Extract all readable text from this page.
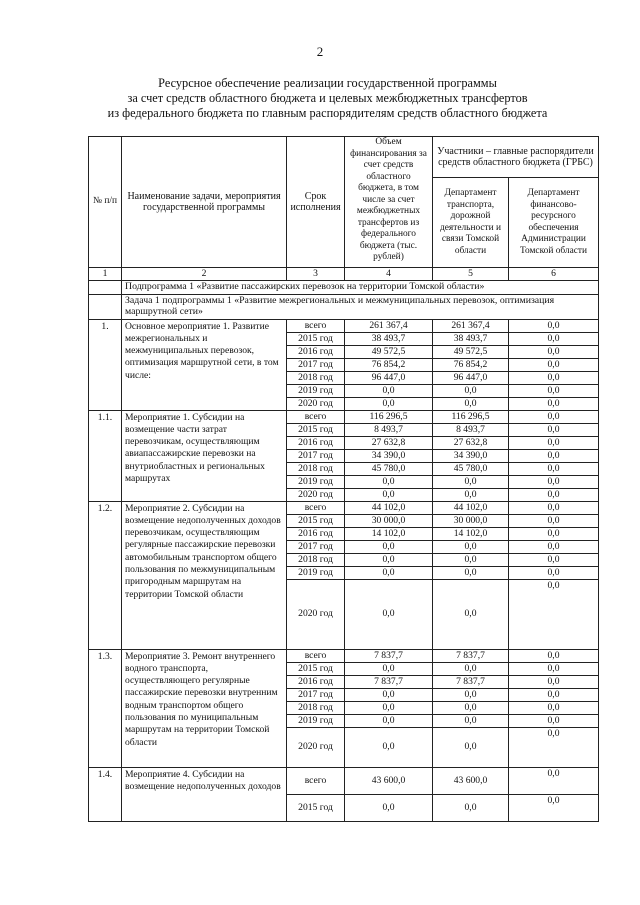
2
Ресурсное обеспечение реализации государственной программы
за счет средств областного бюджета и целевых межбюджетных трансфертов
из федерального бюджета по главным распорядителям средств областного бюджета
№ п/п	Наименование задачи, мероприятия государственной программы	Срок исполнения	Объем финансирования за счет средств областного бюджета, в том числе за счет межбюджетных трансфертов из федерального бюджета (тыс. рублей)	Участники – главные распорядители средств областного бюджета (ГРБС)	
				Департамент транспорта, дорожной деятельности и связи Томской области	Департамент финансово-ресурсного обеспечения Администрации Томской области
1	2	3	4	5	6
	Подпрограмма 1 «Развитие пассажирских перевозок на территории Томской области»				
	Задача 1 подпрограммы 1 «Развитие межрегиональных и межмуниципальных перевозок, оптимизация маршрутной сети»				
1.	Основное мероприятие 1. Развитие межрегиональных и межмуниципальных перевозок, оптимизация маршрутной сети, в том числе:	всего	261 367,4	261 367,4	0,0
		2015 год	38 493,7	38 493,7	0,0
		2016 год	49 572,5	49 572,5	0,0
		2017 год	76 854,2	76 854,2	0,0
		2018 год	96 447,0	96 447,0	0,0
		2019 год	0,0	0,0	0,0
		2020 год	0,0	0,0	0,0
1.1.	Мероприятие 1. Субсидии на возмещение части затрат перевозчикам, осуществляющим авиапассажирские перевозки на внутриобластных и региональных маршрутах	всего	116 296,5	116 296,5	0,0
		2015 год	8 493,7	8 493,7	0,0
		2016 год	27 632,8	27 632,8	0,0
		2017 год	34 390,0	34 390,0	0,0
		2018 год	45 780,0	45 780,0	0,0
		2019 год	0,0	0,0	0,0
		2020 год	0,0	0,0	0,0
1.2.	Мероприятие 2. Субсидии на возмещение недополученных доходов перевозчикам, осуществляющим регулярные пассажирские перевозки автомобильным транспортом общего пользования по межмуниципальным пригородным маршрутам на территории Томской области	всего	44 102,0	44 102,0	0,0
		2015 год	30 000,0	30 000,0	0,0
		2016 год	14 102,0	14 102,0	0,0
		2017 год	0,0	0,0	0,0
		2018 год	0,0	0,0	0,0
		2019 год	0,0	0,0	0,0
		2020 год	0,0	0,0	0,0
1.3.	Мероприятие 3. Ремонт внутреннего водного транспорта, осуществляющего регулярные пассажирские перевозки внутренним водным транспортом общего пользования по муниципальным маршрутам на территории Томской области	всего	7 837,7	7 837,7	0,0
		2015 год	0,0	0,0	0,0
		2016 год	7 837,7	7 837,7	0,0
		2017 год	0,0	0,0	0,0
		2018 год	0,0	0,0	0,0
		2019 год	0,0	0,0	0,0
		2020 год	0,0	0,0	0,0
1.4.	Мероприятие 4. Субсидии на возмещение недополученных доходов	всего	43 600,0	43 600,0	0,0
		2015 год	0,0	0,0	0,0
